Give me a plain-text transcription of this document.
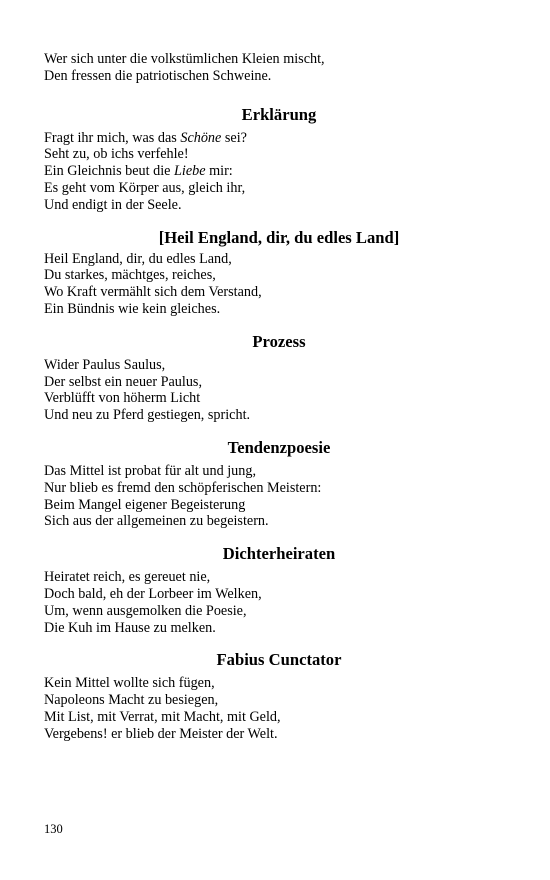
Wer sich unter die volkstümlichen Kleien mischt,
Den fressen die patriotischen Schweine.
Erklärung
Fragt ihr mich, was das Schöne sei?
Seht zu, ob ichs verfehle!
Ein Gleichnis beut die Liebe mir:
Es geht vom Körper aus, gleich ihr,
Und endigt in der Seele.
[Heil England, dir, du edles Land]
Heil England, dir, du edles Land,
Du starkes, mächtges, reiches,
Wo Kraft vermählt sich dem Verstand,
Ein Bündnis wie kein gleiches.
Prozess
Wider Paulus Saulus,
Der selbst ein neuer Paulus,
Verblüfft von höherm Licht
Und neu zu Pferd gestiegen, spricht.
Tendenzpoesie
Das Mittel ist probat für alt und jung,
Nur blieb es fremd den schöpferischen Meistern:
Beim Mangel eigener Begeisterung
Sich aus der allgemeinen zu begeistern.
Dichterheiraten
Heiratet reich, es gereuet nie,
Doch bald, eh der Lorbeer im Welken,
Um, wenn ausgemolken die Poesie,
Die Kuh im Hause zu melken.
Fabius Cunctator
Kein Mittel wollte sich fügen,
Napoleons Macht zu besiegen,
Mit List, mit Verrat, mit Macht, mit Geld,
Vergebens! er blieb der Meister der Welt.
130
